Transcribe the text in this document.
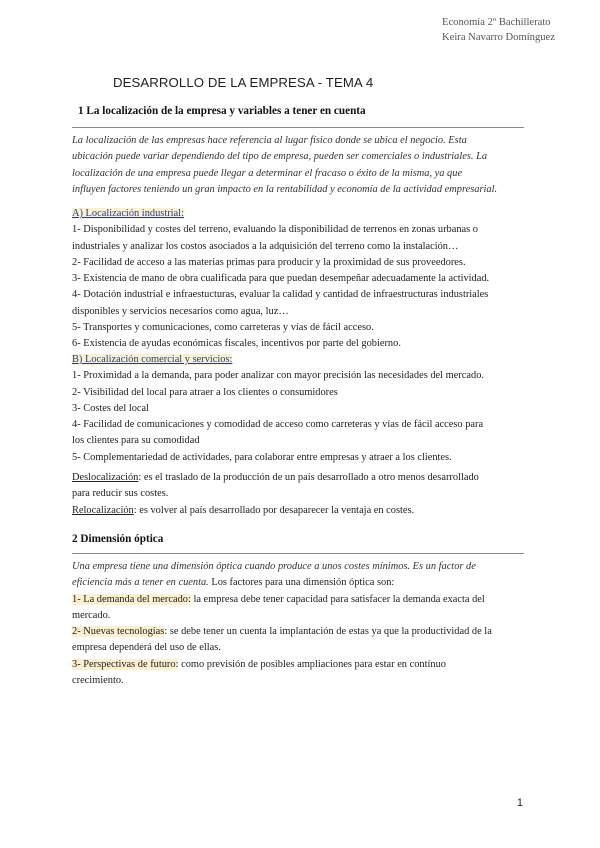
Economía 2º Bachillerato
Keira Navarro Domínguez
DESARROLLO DE LA EMPRESA - TEMA 4
1 La localización de la empresa y variables a tener en cuenta
La localización de las empresas hace referencia al lugar físico donde se ubica el negocio. Esta
ubicación puede variar dependiendo del tipo de empresa, pueden ser comerciales o industriales. La
localización de una empresa puede llegar a determinar el fracaso o éxito de la misma, ya que
influyen factores teniendo un gran impacto en la rentabilidad y economía de la actividad empresarial.
A) Localización industrial:
1- Disponibilidad y costes del terreno, evaluando la disponibilidad de terrenos en zonas urbanas o
industriales y analizar los costos asociados a la adquisición del terreno como la instalación…
2- Facilidad de acceso a las materias primas para producir y la proximidad de sus proveedores.
3- Existencia de mano de obra cualificada para que puedan desempeñar adecuadamente la actividad.
4- Dotación industrial e infraestucturas, evaluar la calidad y cantidad de infraestructuras industriales
disponibles y servicios necesarios como agua, luz…
5- Transportes y comunicaciones, como carreteras y vías de fácil acceso.
6- Existencia de ayudas económicas fiscales, incentivos por parte del gobierno.
B) Localización comercial y servicios:
1- Proximidad a la demanda, para poder analizar con mayor precisión las necesidades del mercado.
2- Visibilidad del local para atraer a los clientes o consumidores
3- Costes del local
4- Facilidad de comunicaciones y comodidad de acceso como carreteras y vías de fácil acceso para
los clientes para su comodidad
5- Complementariedad de actividades, para colaborar entre empresas y atraer a los clientes.
Deslocalización: es el traslado de la producción de un país desarrollado a otro menos desarrollado
para reducir sus costes.
Relocalización: es volver al país desarrollado por desaparecer la ventaja en costes.
2 Dimensión óptica
Una empresa tiene una dimensión óptica cuando produce a unos costes mínimos. Es un factor de
eficiencia más a tener en cuenta. Los factores para una dimensión óptica son:
1- La demanda del mercado: la empresa debe tener capacidad para satisfacer la demanda exacta del
mercado.
2- Nuevas tecnologías: se debe tener un cuenta la implantación de estas ya que la productividad de la
empresa dependerá del uso de ellas.
3- Perspectivas de futuro: como previsión de posibles ampliaciones para estar en contínuo
crecimiento.
1
